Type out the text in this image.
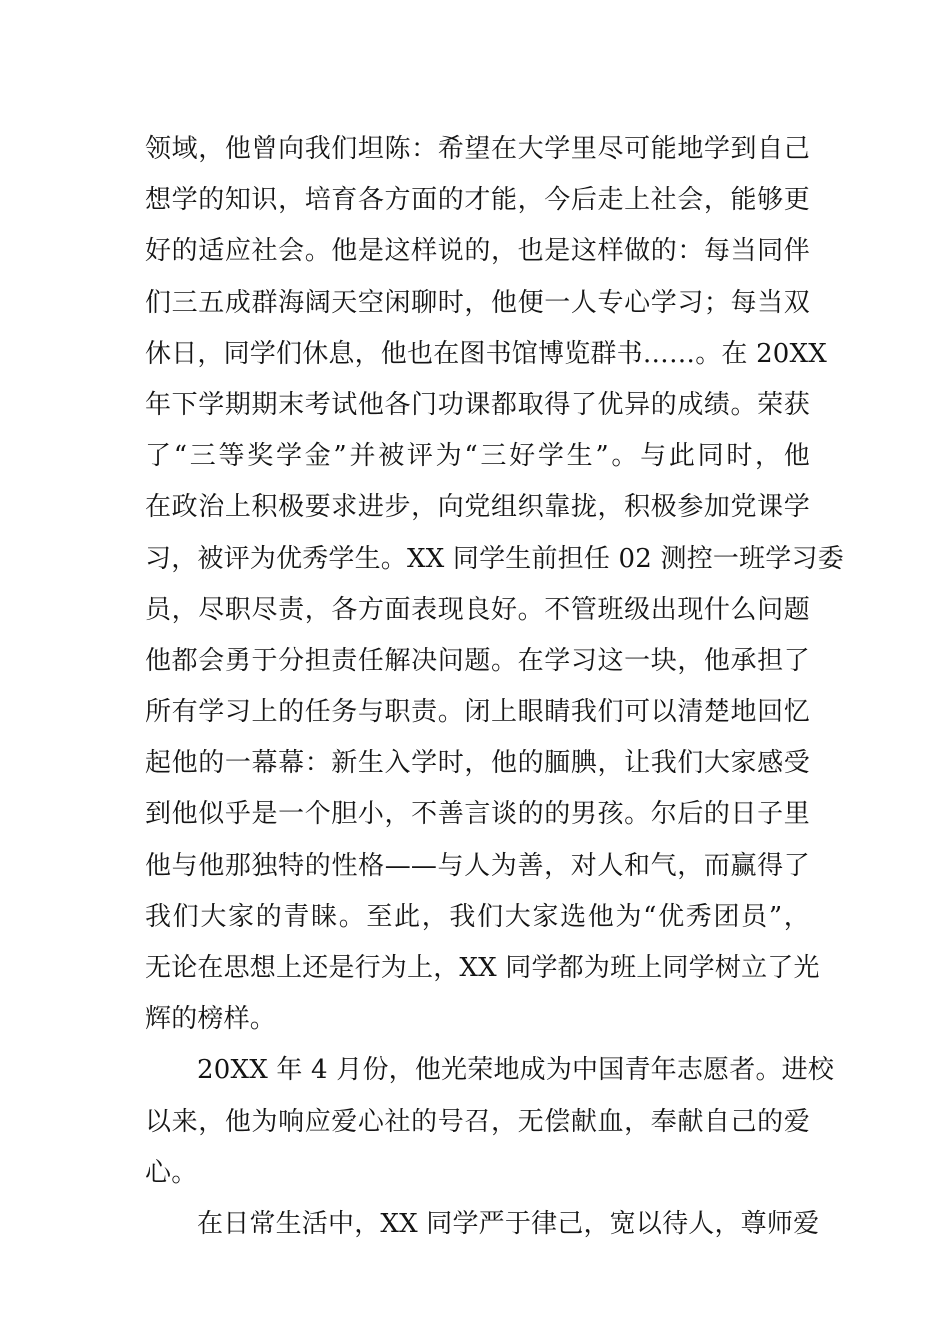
领域，他曾向我们坦陈：希望在大学里尽可能地学到自己
想学的知识，培育各方面的才能，今后走上社会，能够更
好的适应社会。他是这样说的，也是这样做的：每当同伴
们三五成群海阔天空闲聊时，他便一人专心学习；每当双
休日，同学们休息，他也在图书馆博览群书……。在 20XX
年下学期期末考试他各门功课都取得了优异的成绩。荣获
了“三等奖学金”并被评为“三好学生”。与此同时，他
在政治上积极要求进步，向党组织靠拢，积极参加党课学
习，被评为优秀学生。XX 同学生前担任 02 测控一班学习委
员，尽职尽责，各方面表现良好。不管班级出现什么问题
他都会勇于分担责任解决问题。在学习这一块，他承担了
所有学习上的任务与职责。闭上眼睛我们可以清楚地回忆
起他的一幕幕：新生入学时，他的腼腆，让我们大家感受
到他似乎是一个胆小，不善言谈的的男孩。尔后的日子里
他与他那独特的性格——与人为善，对人和气，而赢得了
我们大家的青睐。至此，我们大家选他为“优秀团员”，
无论在思想上还是行为上，XX 同学都为班上同学树立了光
辉的榜样。
20XX 年 4 月份，他光荣地成为中国青年志愿者。进校
以来，他为响应爱心社的号召，无偿献血，奉献自己的爱
心。
在日常生活中，XX 同学严于律己，宽以待人，尊师爱
